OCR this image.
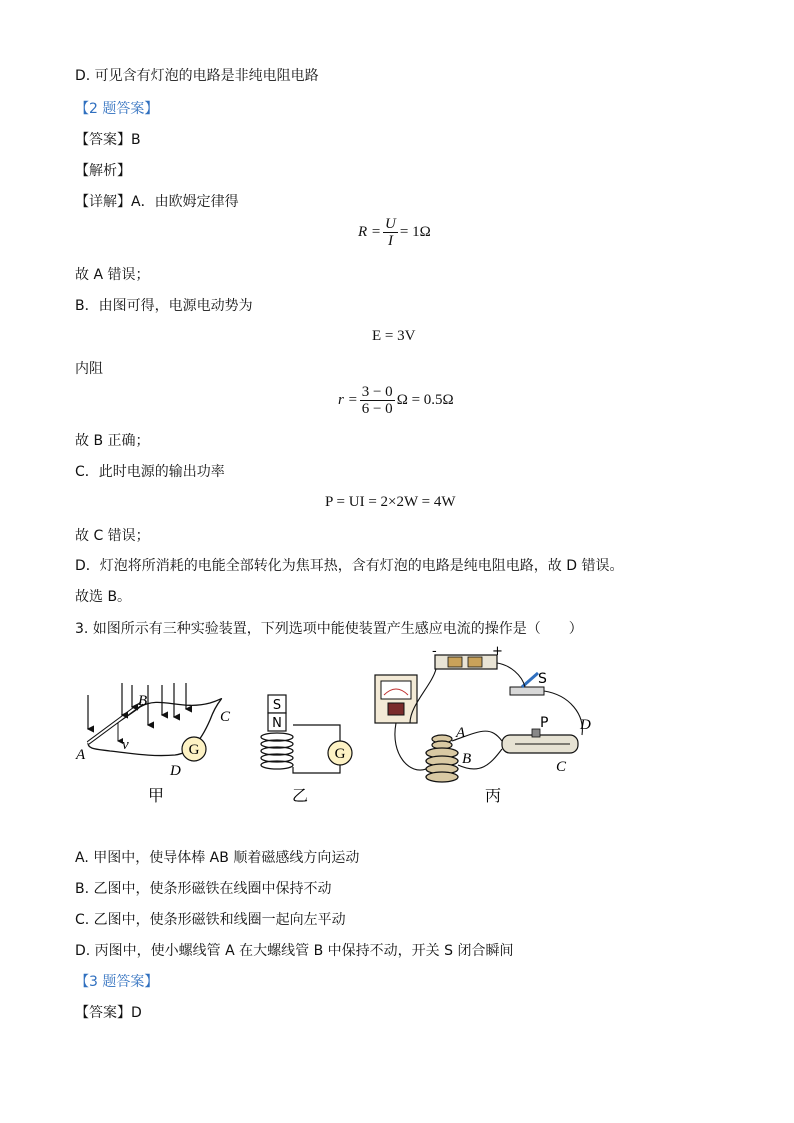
D. 可见含有灯泡的电路是非纯电阻电路
【2 题答案】
【答案】B
【解析】
【详解】A．由欧姆定律得
$R = \frac{U}{I} = 1\Omega$
故 A 错误；
B．由图可得，电源电动势为
E = 3V
内阻
$r = \frac{3 - 0}{6 - 0}$ Ω = 0.5Ω
故 B 正确；
C．此时电源的输出功率
P = UI = 2×2W = 4W
故 C 错误；
D．灯泡将所消耗的电能全部转化为焦耳热，含有灯泡的电路是纯电阻电路，故 D 错误。
故选 B。
3. 如图所示有三种实验装置，下列选项中能使装置产生感应电流的操作是（　　）
G
A
B
C
D
v
甲
S
N
G
乙
-	+
S
A
B	C
D
P
丙
A. 甲图中，使导体棒 AB 顺着磁感线方向运动
B. 乙图中，使条形磁铁在线圈中保持不动
C. 乙图中，使条形磁铁和线圈一起向左平动
D. 丙图中，使小螺线管 A 在大螺线管 B 中保持不动，开关 S 闭合瞬间
【3 题答案】
【答案】D
